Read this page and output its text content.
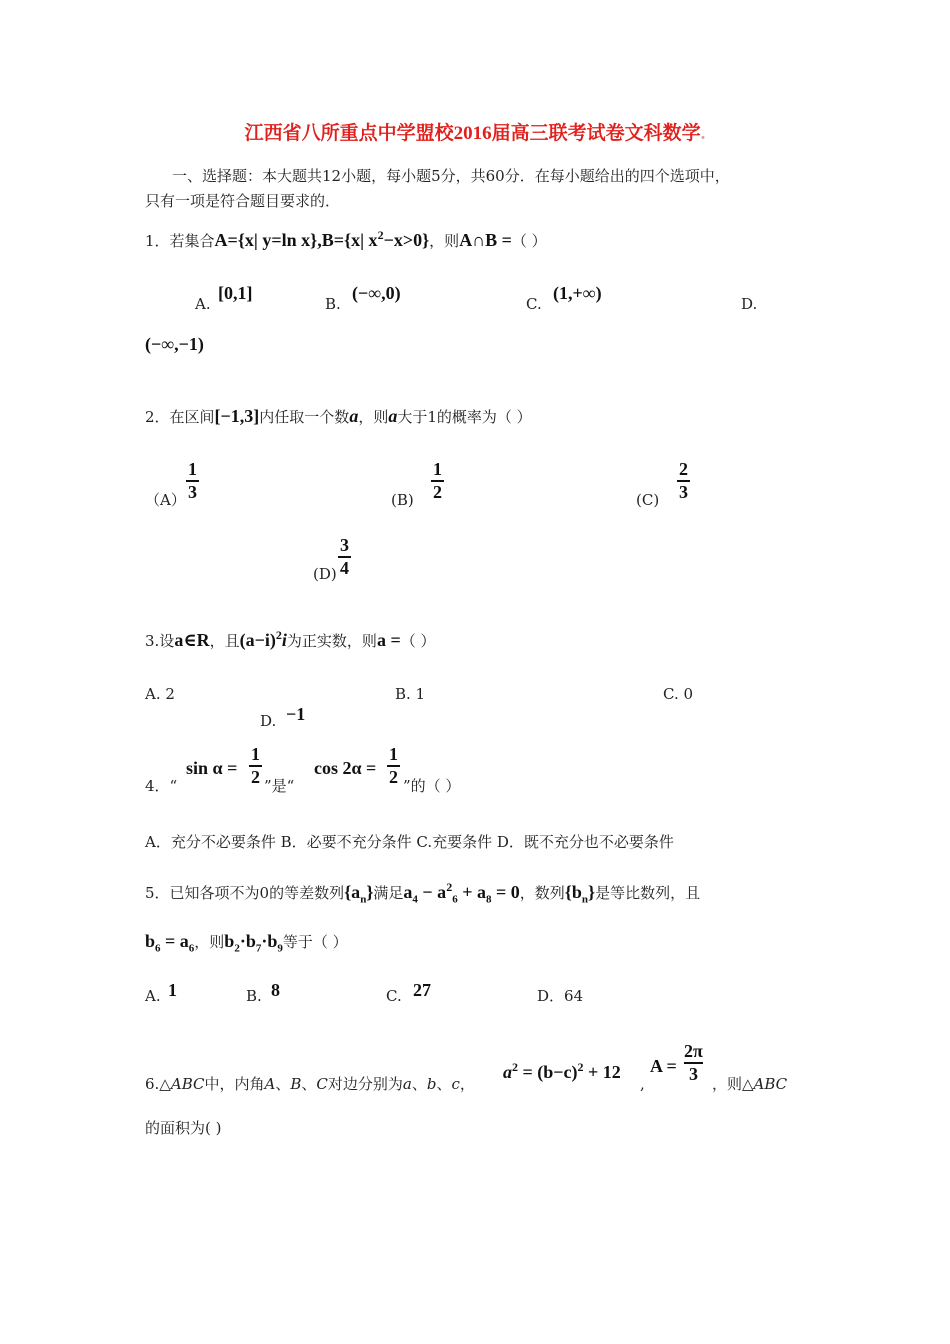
江西省八所重点中学盟校2016届高三联考试卷文科数学.
一、选择题：本大题共12小题，每小题5分，共60分．在每小题给出的四个选项中，
只有一项是符合题目要求的．
1．若集合A={x| y=ln x},B={x| $x^2-x>0$}，则A∩B =（ ）
A.
[0,1]
B.
(−∞,0)
C.
(1,+∞)
D.
(−∞,−1)
2．在区间[−1,3]内任取一个数a，则a大于1的概率为（ ）
$(A) \frac{1}{3}$	$(B) \frac{1}{2}$	$(C) \frac{2}{3}$
$(D) \frac{3}{4}$
3.设a∈R，且$(a-i)^2i$为正实数，则a =（ ）
A. 2	B. 1	C. 0
D. −1
4．“
$\sin \alpha = \frac{1}{2}$ ”是“
$\cos 2\alpha = \frac{1}{2}$ ”的（ ）
A．充分不必要条件 B．必要不充分条件 C.充要条件 D．既不充分也不必要条件
5．已知各项不为0的等差数列$\{a_n\}$满足$a_4 - a^2_6 + a_8 = 0$，数列$\{b_n\}$是等比数列，且
$b_6 = a_6$，则$b_2\cdot b_7\cdot b_9$等于（ ）
A. 1	B. 8	C. 27	D．64
6.△ABC中，内角A、B、C对边分别为a、b、c，
$a^2 = (b-c)^2 + 12$
,
$A = \frac{2\pi}{3}$ ，则△ABC
的面积为( )
